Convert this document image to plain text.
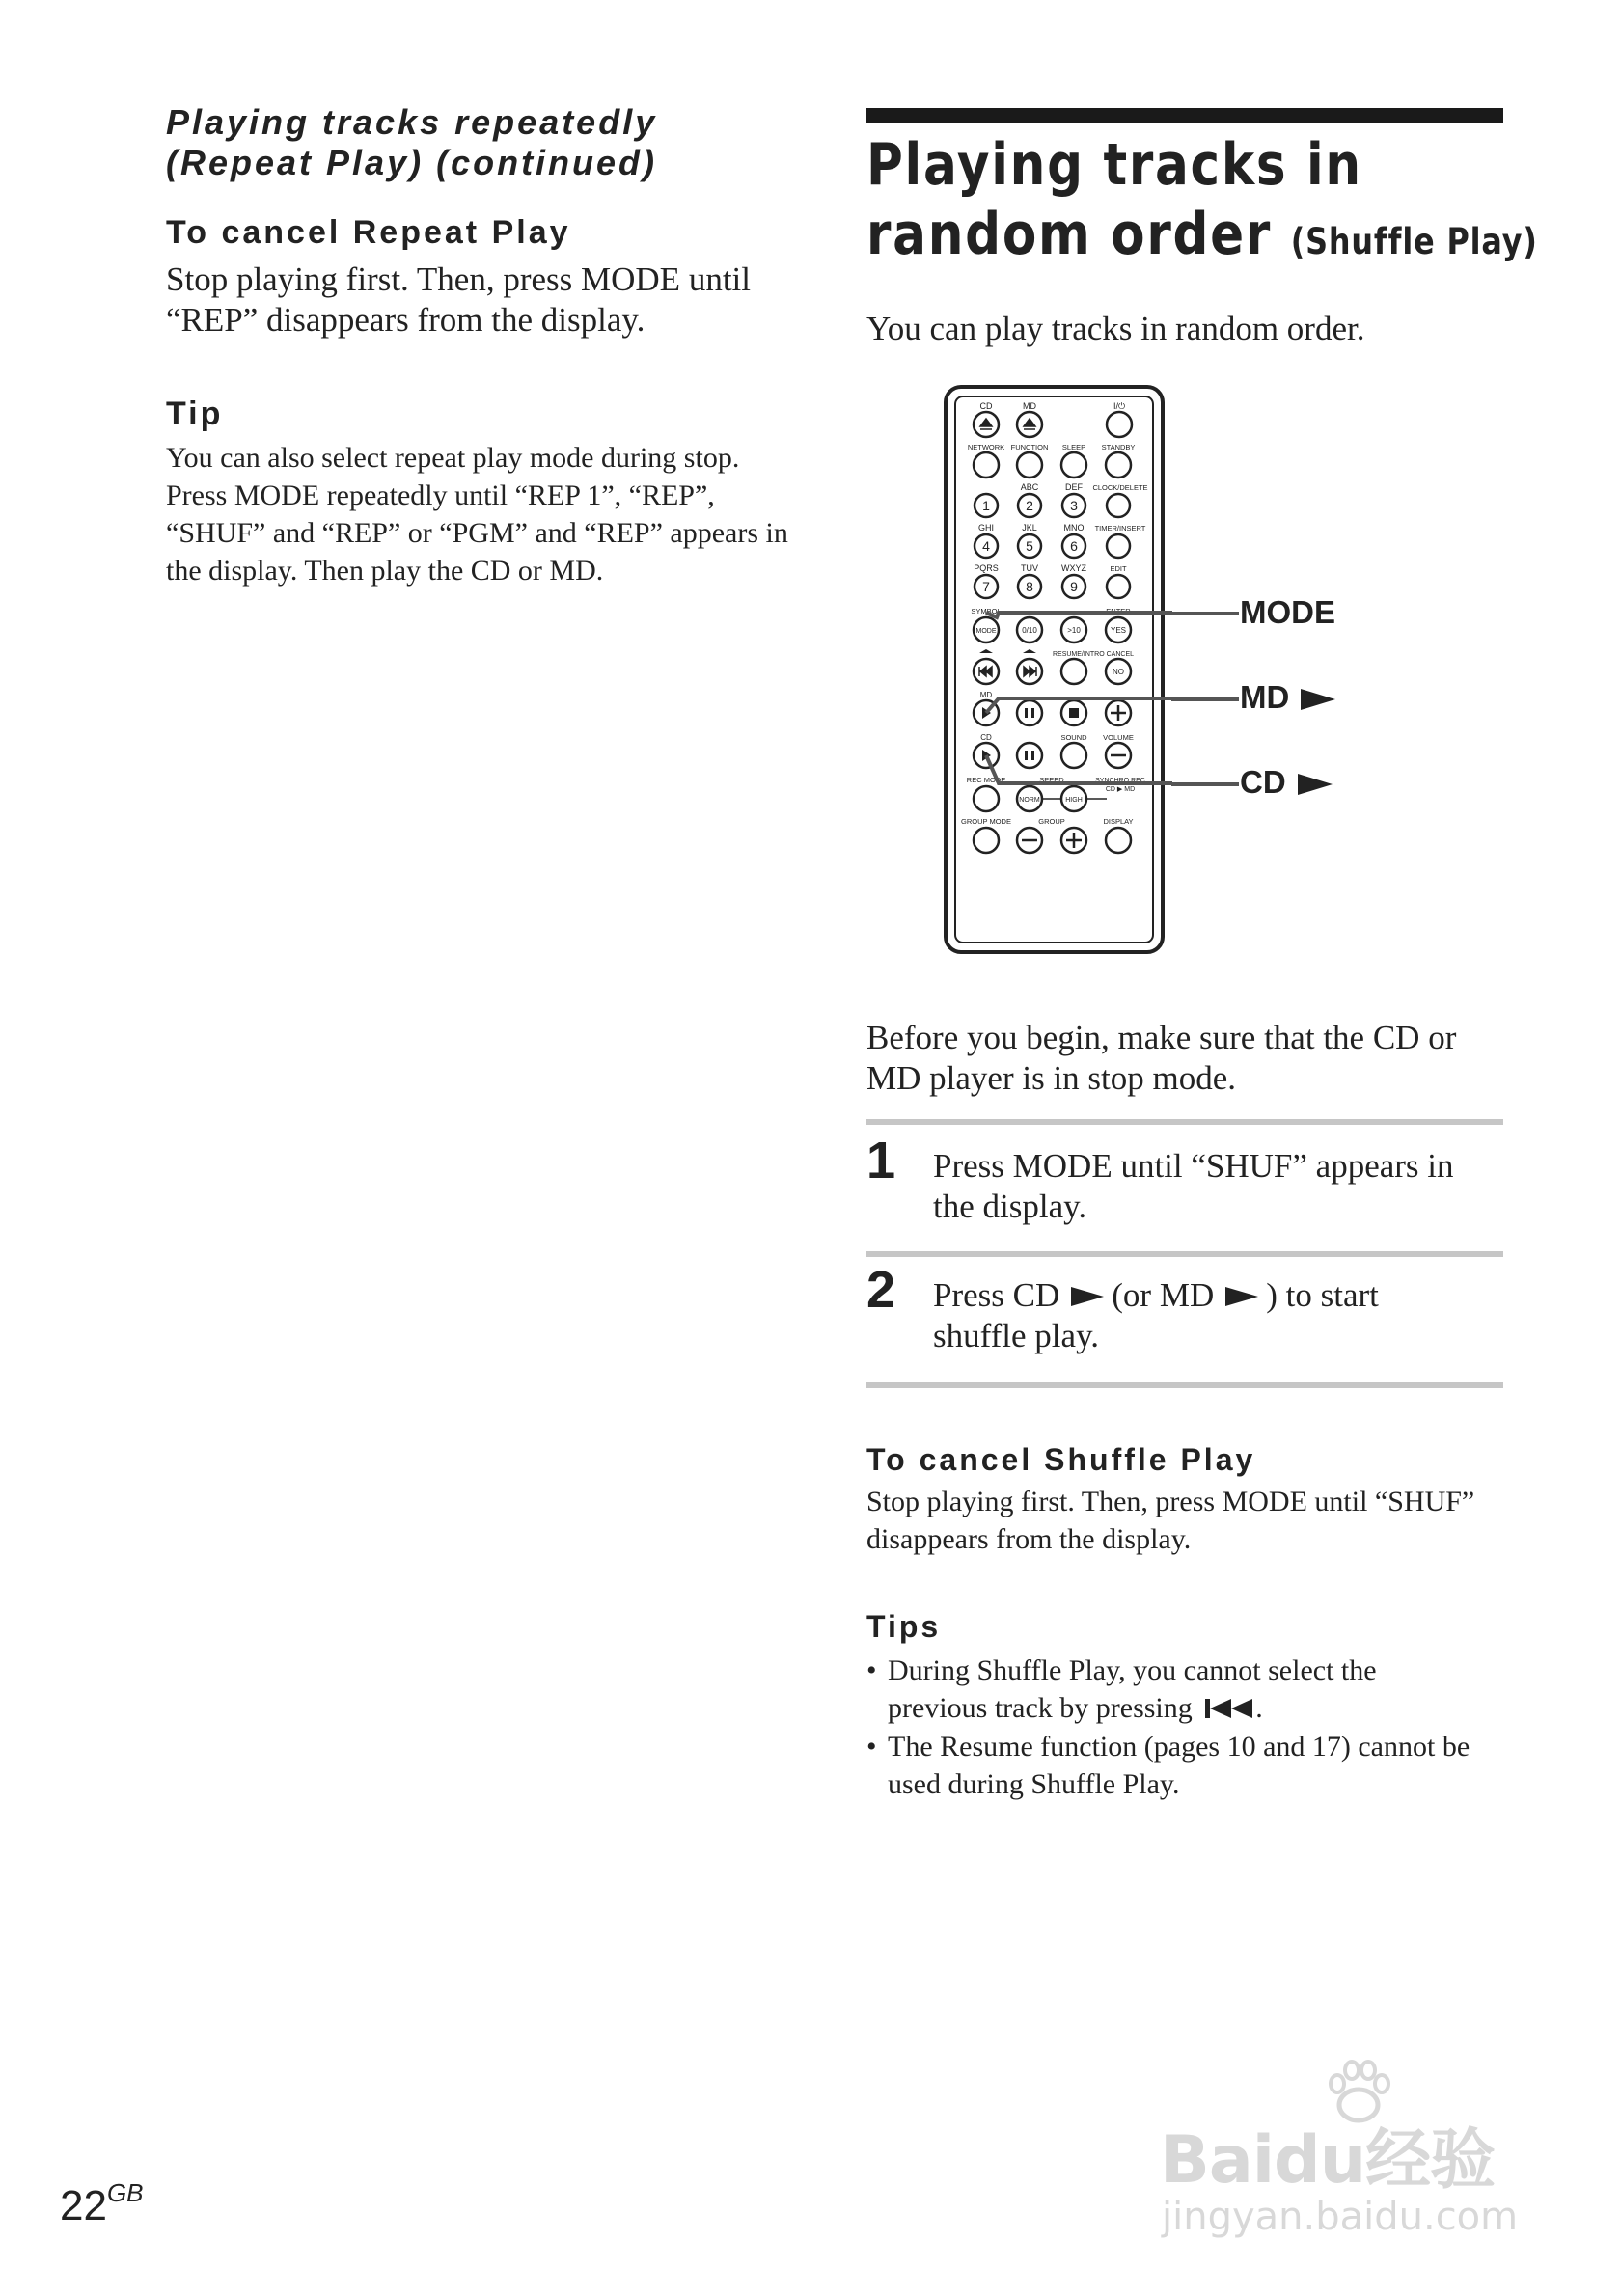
Playing tracks repeatedly
(Repeat Play) (continued)
To cancel Repeat Play
Stop playing first. Then, press MODE until “REP” disappears from the display.
Tip
You can also select repeat play mode during stop. Press MODE repeatedly until “REP 1”, “REP”, “SHUF” and “REP” or “PGM” and “REP” appears in the display. Then play the CD or MD.
Playing tracks in
random order (Shuffle Play)
You can play tracks in random order.
CD	MD	I/⏻
NETWORK FUNCTION SLEEP STANDBY
ABC	DEF CLOCK/DELETE
1	2	3
GHI	JKL	MNO TIMER/INSERT
4	5	6
PQRS	TUV	WXYZ	EDIT
7	8	9
SYMBOL	ENTER
MODE	0/10	>10	YES
RESUME/INTRO CANCEL
NO
MD
CD	SOUND VOLUME
REC MODE	SPEED	SYNCHRO REC
CD ▶ MD
NORM	HIGH
GROUP MODE	GROUP	DISPLAY
MODE
MD
CD
Before you begin, make sure that the CD or MD player is in stop mode.
1 Press MODE until “SHUF” appears in the display.
2 Press CD (or MD ) to start
shuffle play.
To cancel Shuffle Play
Stop playing first. Then, press MODE until “SHUF” disappears from the display.
Tips
• During Shuffle Play, you cannot select the
previous track by pressing .
• The Resume function (pages 10 and 17) cannot be used during Shuffle Play.
$22^{GB}$	Baidu经验
jingyan.baidu.com
